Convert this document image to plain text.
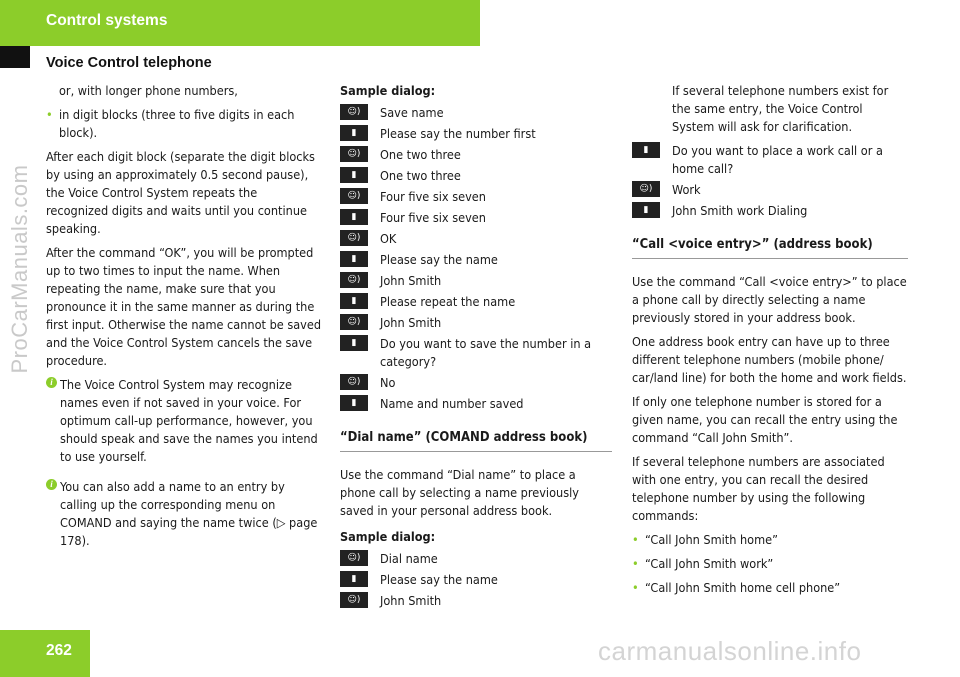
Control systems
Voice Control telephone
ProCarManuals.com

or, with longer phone numbers,

• in digit blocks (three to five digits in each block).

After each digit block (separate the digit blocks by using an approximately 0.5 second pause), the Voice Control System repeats the recognized digits and waits until you continue speaking.

After the command “OK”, you will be prompted up to two times to input the name. When repeating the name, make sure that you pronounce it in the same manner as during the first input. Otherwise the name cannot be saved and the Voice Control System cancels the save procedure.

i The Voice Control System may recognize names even if not saved in your voice. For optimum call-up performance, however, you should speak and save the names you intend to use yourself.
i You can also add a name to an entry by calling up the corresponding menu on COMAND and saying the name twice (▷ page 178).

Sample dialog:

☺)	Save name
▮	Please say the number first
☺)	One two three
▮	One two three
☺)	Four five six seven
▮	Four five six seven
☺)	OK
▮	Please say the name
☺)	John Smith
▮	Please repeat the name
☺)	John Smith
▮	Do you want to save the number in a category?
☺)	No
▮	Name and number saved
“Dial name” (COMAND address book)

Use the command “Dial name” to place a phone call by selecting a name previously saved in your personal address book.

Sample dialog:

☺)	Dial name
▮	Please say the name
☺)	John Smith

If several telephone numbers exist for the same entry, the Voice Control System will ask for clarification.

▮	Do you want to place a work call or a home call?
☺)	Work
▮	John Smith work Dialing
“Call <voice entry>” (address book)

Use the command “Call <voice entry>” to place a phone call by directly selecting a name previously stored in your address book.

One address book entry can have up to three different telephone numbers (mobile phone/ car/land line) for both the home and work fields.

If only one telephone number is stored for a given name, you can recall the entry using the command “Call John Smith”.

If several telephone numbers are associated with one entry, you can recall the desired telephone number by using the following commands:

• “Call John Smith home”
• “Call John Smith work”
• “Call John Smith home cell phone”
262	carmanualsonline.info
